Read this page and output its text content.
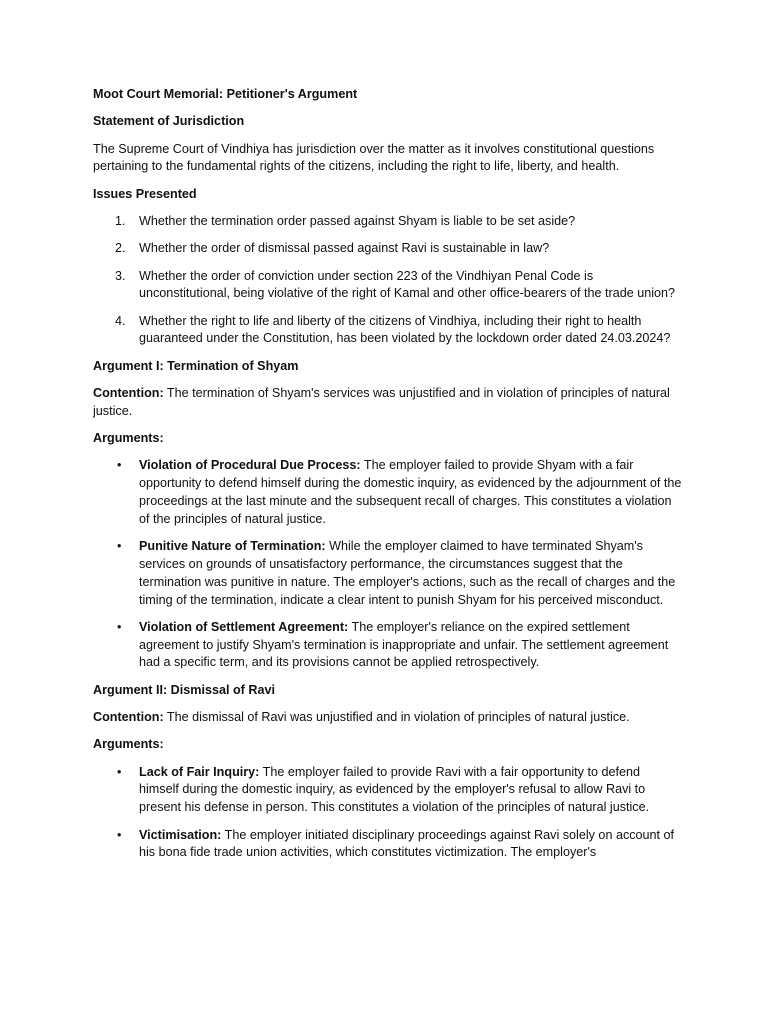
Moot Court Memorial: Petitioner's Argument

Statement of Jurisdiction

The Supreme Court of Vindhiya has jurisdiction over the matter as it involves constitutional questions pertaining to the fundamental rights of the citizens, including the right to life, liberty, and health.

Issues Presented

1.	Whether the termination order passed against Shyam is liable to be set aside?
2.	Whether the order of dismissal passed against Ravi is sustainable in law?
3.	Whether the order of conviction under section 223 of the Vindhiyan Penal Code is unconstitutional, being violative of the right of Kamal and other office-bearers of the trade union?
4.	Whether the right to life and liberty of the citizens of Vindhiya, including their right to health guaranteed under the Constitution, has been violated by the lockdown order dated 24.03.2024?

Argument I: Termination of Shyam

Contention: The termination of Shyam's services was unjustified and in violation of principles of natural justice.

Arguments:

• Violation of Procedural Due Process: The employer failed to provide Shyam with a fair opportunity to defend himself during the domestic inquiry, as evidenced by the adjournment of the proceedings at the last minute and the subsequent recall of charges. This constitutes a violation of the principles of natural justice.
• Punitive Nature of Termination: While the employer claimed to have terminated Shyam's services on grounds of unsatisfactory performance, the circumstances suggest that the termination was punitive in nature. The employer's actions, such as the recall of charges and the timing of the termination, indicate a clear intent to punish Shyam for his perceived misconduct.
• Violation of Settlement Agreement: The employer's reliance on the expired settlement agreement to justify Shyam's termination is inappropriate and unfair. The settlement agreement had a specific term, and its provisions cannot be applied retrospectively.

Argument II: Dismissal of Ravi

Contention: The dismissal of Ravi was unjustified and in violation of principles of natural justice.

Arguments:

• Lack of Fair Inquiry: The employer failed to provide Ravi with a fair opportunity to defend himself during the domestic inquiry, as evidenced by the employer's refusal to allow Ravi to present his defense in person. This constitutes a violation of the principles of natural justice.
• Victimisation: The employer initiated disciplinary proceedings against Ravi solely on account of his bona fide trade union activities, which constitutes victimization. The employer's
